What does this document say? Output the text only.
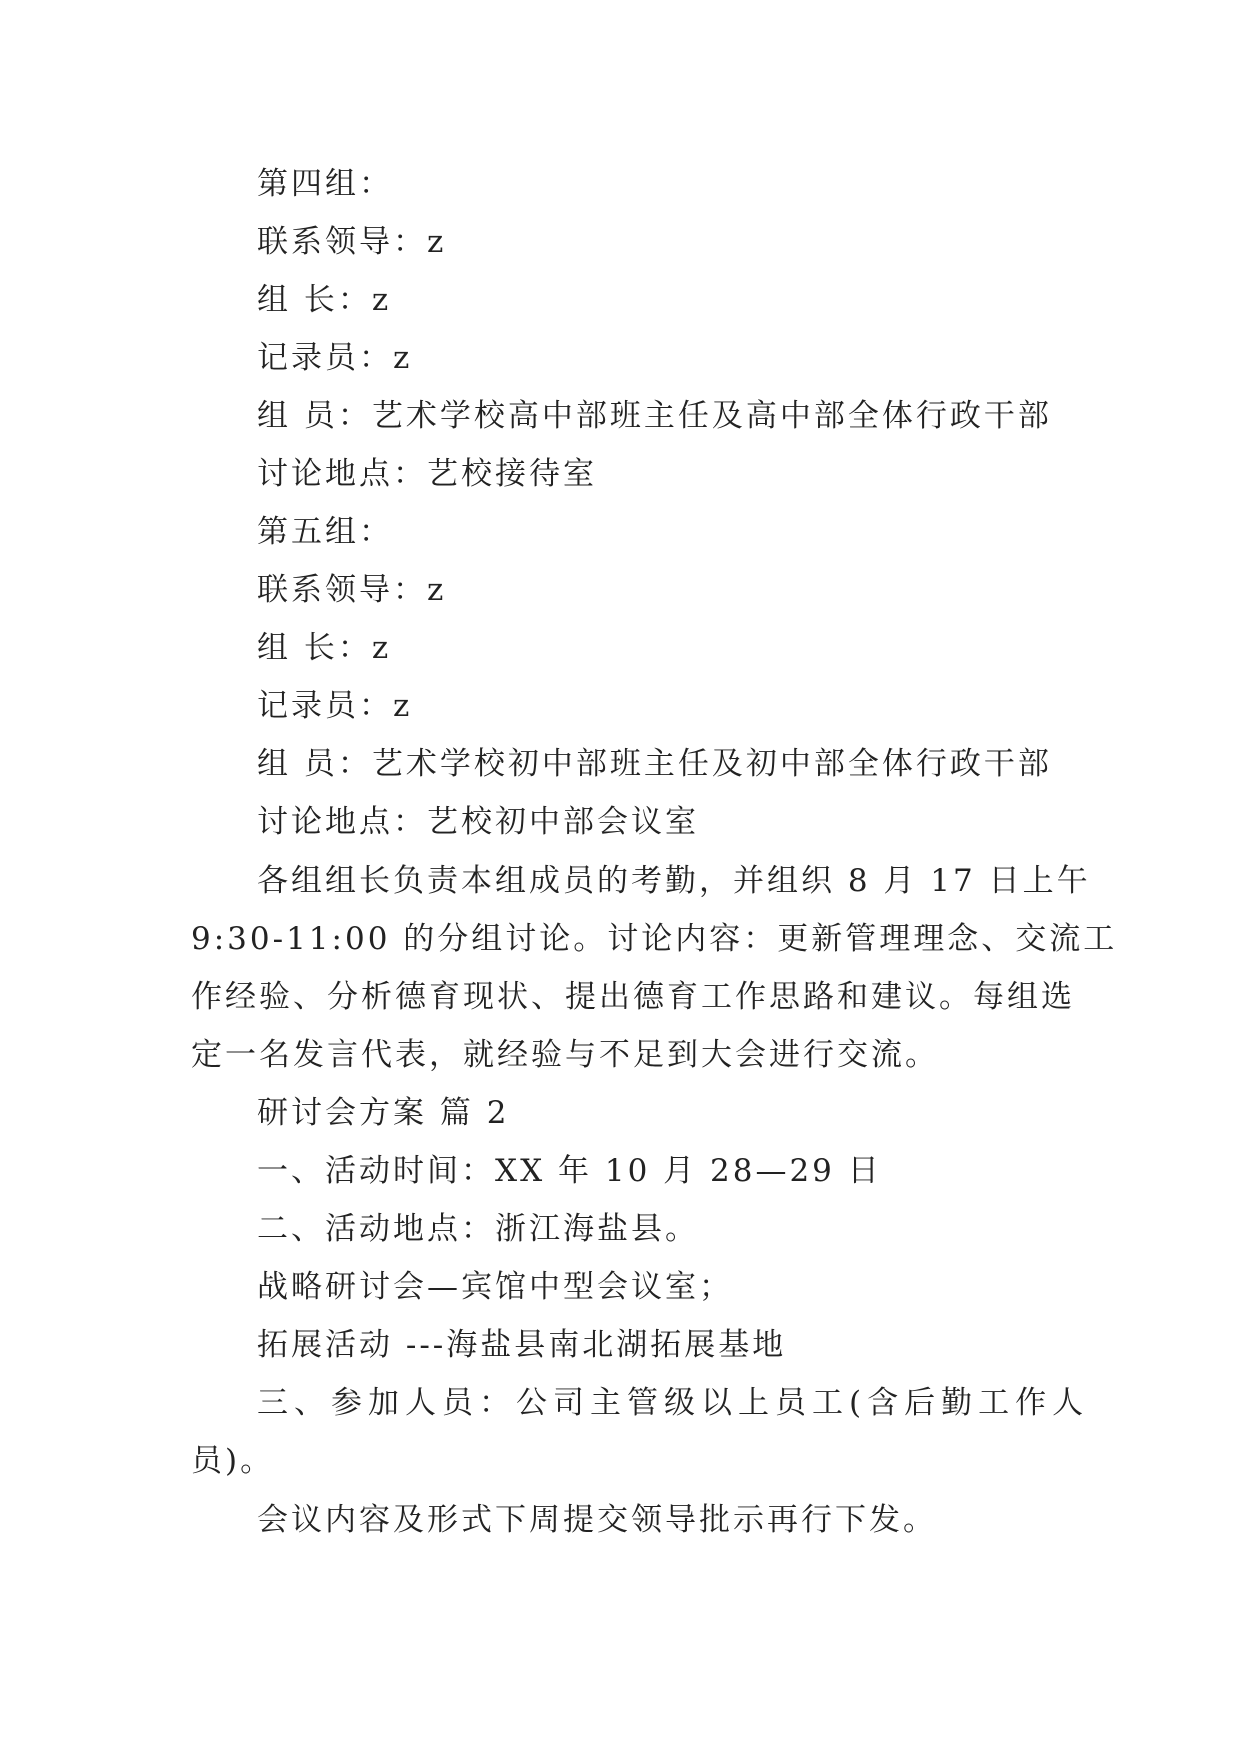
第四组：
联系领导：z
组 长：z
记录员：z
组 员：艺术学校高中部班主任及高中部全体行政干部
讨论地点：艺校接待室
第五组：
联系领导：z
组 长：z
记录员：z
组 员：艺术学校初中部班主任及初中部全体行政干部
讨论地点：艺校初中部会议室
各组组长负责本组成员的考勤，并组织 8 月 17 日上午
9:30-11:00 的分组讨论。讨论内容：更新管理理念、交流工
作经验、分析德育现状、提出德育工作思路和建议。每组选
定一名发言代表，就经验与不足到大会进行交流。
研讨会方案 篇 2
一、活动时间：XX 年 10 月 28—29 日
二、活动地点：浙江海盐县。
战略研讨会—宾馆中型会议室；
拓展活动 ---海盐县南北湖拓展基地
三、参加人员：公司主管级以上员工(含后勤工作人
员)。
会议内容及形式下周提交领导批示再行下发。
